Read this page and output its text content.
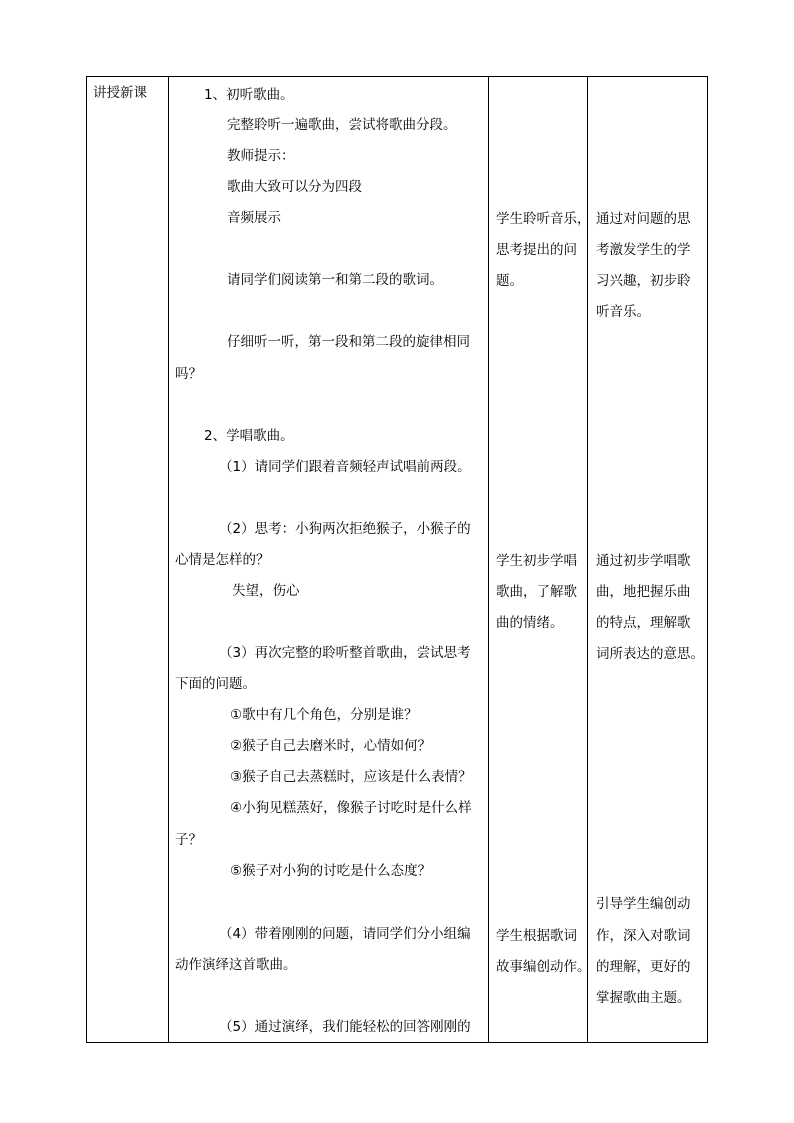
讲授新课	1、初听歌曲。
完整聆听一遍歌曲，尝试将歌曲分段。
教师提示：
歌曲大致可以分为四段
音频展示
请同学们阅读第一和第二段的歌词。
仔细听一听，第一段和第二段的旋律相同
吗？
2、学唱歌曲。
（1）请同学们跟着音频轻声试唱前两段。
（2）思考：小狗两次拒绝猴子，小猴子的
心情是怎样的？
失望，伤心
（3）再次完整的聆听整首歌曲，尝试思考
下面的问题。
①歌中有几个角色，分别是谁？
②猴子自己去磨米时，心情如何？
③猴子自己去蒸糕时，应该是什么表情？
④小狗见糕蒸好，像猴子讨吃时是什么样
子？
⑤猴子对小狗的讨吃是什么态度？
（4）带着刚刚的问题，请同学们分小组编
动作演绎这首歌曲。
（5）通过演绎，我们能轻松的回答刚刚的
学生聆听音乐，
思考提出的问
题。
学生初步学唱
歌曲，了解歌
曲的情绪。
学生根据歌词
故事编创动作。
通过对问题的思
考激发学生的学
习兴趣，初步聆
听音乐。
通过初步学唱歌
曲，地把握乐曲
的特点，理解歌
词所表达的意思。
引导学生编创动
作，深入对歌词
的理解，更好的
掌握歌曲主题。
